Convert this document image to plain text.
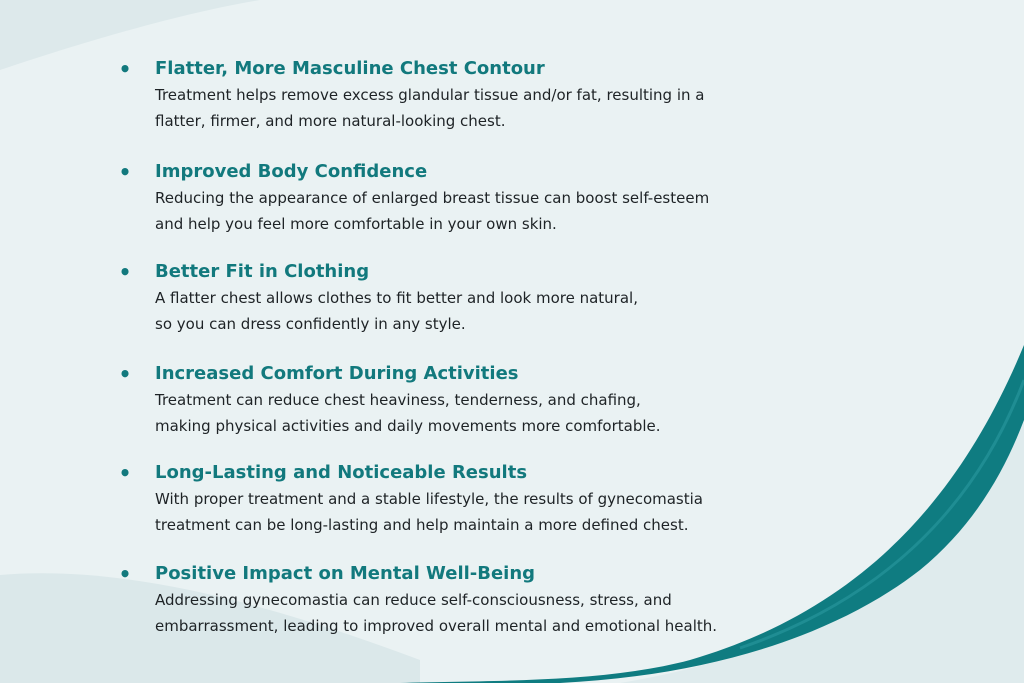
• Flatter, More Masculine Chest Contour

Treatment helps remove excess glandular tissue and/or fat, resulting in a
flatter, firmer, and more natural-looking chest.

• Improved Body Confidence

Reducing the appearance of enlarged breast tissue can boost self-esteem
and help you feel more comfortable in your own skin.

• Better Fit in Clothing

A flatter chest allows clothes to fit better and look more natural,
so you can dress confidently in any style.

• Increased Comfort During Activities

Treatment can reduce chest heaviness, tenderness, and chafing,
making physical activities and daily movements more comfortable.

• Long-Lasting and Noticeable Results

With proper treatment and a stable lifestyle, the results of gynecomastia
treatment can be long-lasting and help maintain a more defined chest.

• Positive Impact on Mental Well-Being

Addressing gynecomastia can reduce self-consciousness, stress, and
embarrassment, leading to improved overall mental and emotional health.
